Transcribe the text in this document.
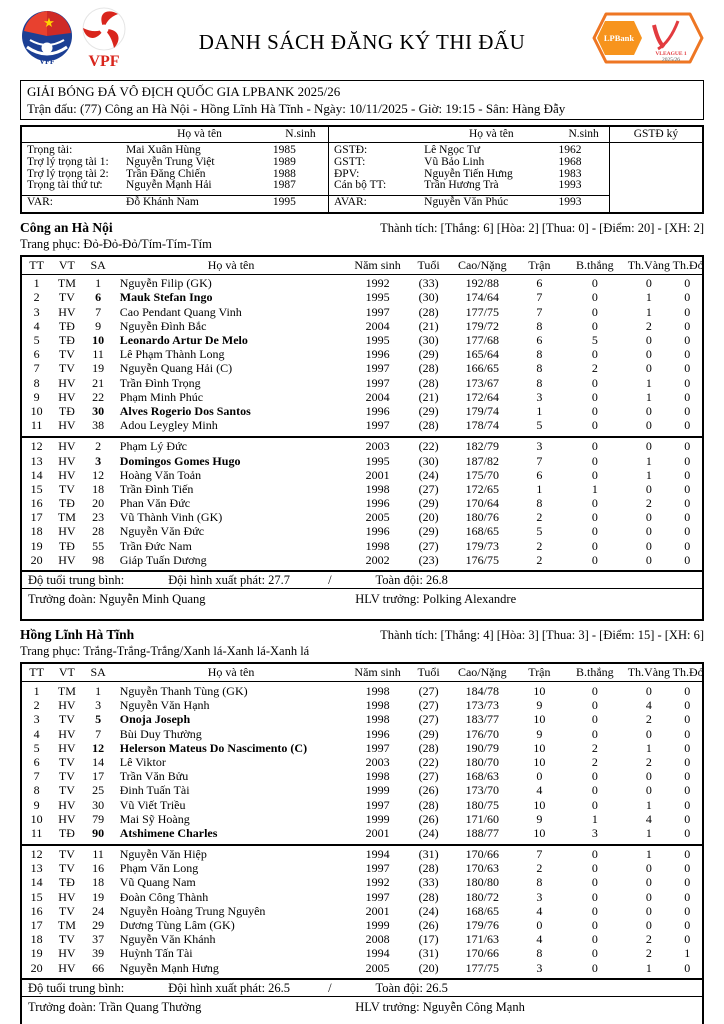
★
VFF VPF
DANH SÁCH ĐĂNG KÝ THI ĐẤU	LPBank
VLEAGUE 1
2025/26
GIẢI BÓNG ĐÁ VÔ ĐỊCH QUỐC GIA LPBANK 2025/26
Trận đấu: (77) Công an Hà Nội - Hồng Lĩnh Hà Tĩnh - Ngày: 10/11/2025 - Giờ: 19:15 - Sân: Hàng Đẫy
Họ và tên	N.sinh
Trọng tài:	Mai Xuân Hùng	1985
Trợ lý trọng tài 1:	Nguyễn Trung Việt	1989
Trợ lý trọng tài 2:	Trần Đăng Chiến	1988
Trọng tài thứ tư:	Nguyễn Mạnh Hải	1987
VAR:	Đỗ Khánh Nam	1995
Họ và tên	N.sinh
GSTĐ:	Lê Ngọc Tư	1962
GSTT:	Vũ Bảo Linh	1968
ĐPV:	Nguyễn Tiến Hưng	1983
Cán bộ TT:	Trần Hương Trà	1993
AVAR:	Nguyễn Văn Phúc	1993
GSTĐ ký
Công an Hà Nội	Thành tích: [Thắng: 6] [Hòa: 2] [Thua: 0] - [Điểm: 20] - [XH: 2]
Trang phục: Đỏ-Đỏ-Đỏ/Tím-Tím-Tím
TT	VT	SA	Họ và tên	Năm sinh	Tuổi	Cao/Nặng	Trận	B.thắng	Th.Vàng Th.Đỏ
1	TM	1	Nguyễn Filip (GK)	1992	(33)	192/88	6	0	0	0
2	TV	6	Mauk Stefan Ingo	1995	(30)	174/64	7	0	1	0
3	HV	7	Cao Pendant Quang Vinh	1997	(28)	177/75	7	0	1	0
4	TĐ	9	Nguyễn Đình Bắc	2004	(21)	179/72	8	0	2	0
5	TĐ	10	Leonardo Artur De Melo	1995	(30)	177/68	6	5	0	0
6	TV	11	Lê Phạm Thành Long	1996	(29)	165/64	8	0	0	0
7	TV	19	Nguyễn Quang Hải (C)	1997	(28)	166/65	8	2	0	0
8	HV	21	Trần Đình Trọng	1997	(28)	173/67	8	0	1	0
9	HV	22	Phạm Minh Phúc	2004	(21)	172/64	3	0	1	0
10	TĐ	30	Alves Rogerio Dos Santos	1996	(29)	179/74	1	0	0	0
11	HV	38	Adou Leygley Minh	1997	(28)	178/74	5	0	0	0
12	HV	2	Phạm Lý Đức	2003	(22)	182/79	3	0	0	0
13	HV	3	Domingos Gomes Hugo	1995	(30)	187/82	7	0	1	0
14	HV	12	Hoàng Văn Toản	2001	(24)	175/70	6	0	1	0
15	TV	18	Trần Đình Tiến	1998	(27)	172/65	1	1	0	0
16	TĐ	20	Phan Văn Đức	1996	(29)	170/64	8	0	2	0
17	TM	23	Vũ Thành Vinh (GK)	2005	(20)	180/76	2	0	0	0
18	HV	28	Nguyễn Văn Đức	1996	(29)	168/65	5	0	0	0
19	TĐ	55	Trần Đức Nam	1998	(27)	179/73	2	0	0	0
20	HV	98	Giáp Tuấn Dương	2002	(23)	176/75	2	0	0	0
Độ tuổi trung bình:	Đội hình xuất phát: 27.7	/	Toàn đội: 26.8
Trưởng đoàn: Nguyễn Minh Quang	HLV trưởng: Polking Alexandre
Hồng Lĩnh Hà Tĩnh	Thành tích: [Thắng: 4] [Hòa: 3] [Thua: 3] - [Điểm: 15] - [XH: 6]
Trang phục: Trắng-Trắng-Trắng/Xanh lá-Xanh lá-Xanh lá
TT	VT	SA	Họ và tên	Năm sinh	Tuổi	Cao/Nặng	Trận	B.thắng	Th.Vàng Th.Đỏ
1	TM	1	Nguyễn Thanh Tùng (GK)	1998	(27)	184/78	10	0	0	0
2	HV	3	Nguyễn Văn Hạnh	1998	(27)	173/73	9	0	4	0
3	TV	5	Onoja Joseph	1998	(27)	183/77	10	0	2	0
4	HV	7	Bùi Duy Thường	1996	(29)	176/70	9	0	0	0
5	HV	12	Helerson Mateus Do Nascimento (C)	1997	(28)	190/79	10	2	1	0
6	TV	14	Lê Viktor	2003	(22)	180/70	10	2	2	0
7	TV	17	Trần Văn Bửu	1998	(27)	168/63	0	0	0	0
8	TV	25	Đinh Tuấn Tài	1999	(26)	173/70	4	0	0	0
9	HV	30	Vũ Viết Triều	1997	(28)	180/75	10	0	1	0
10	HV	79	Mai Sỹ Hoàng	1999	(26)	171/60	9	1	4	0
11	TĐ	90	Atshimene Charles	2001	(24)	188/77	10	3	1	0
12	TV	11	Nguyễn Văn Hiệp	1994	(31)	170/66	7	0	1	0
13	TV	16	Phạm Văn Long	1997	(28)	170/63	2	0	0	0
14	TĐ	18	Vũ Quang Nam	1992	(33)	180/80	8	0	0	0
15	HV	19	Đoàn Công Thành	1997	(28)	180/72	3	0	0	0
16	TV	24	Nguyễn Hoàng Trung Nguyên	2001	(24)	168/65	4	0	0	0
17	TM	29	Dương Tùng Lâm (GK)	1999	(26)	179/76	0	0	0	0
18	TV	37	Nguyễn Văn Khánh	2008	(17)	171/63	4	0	2	0
19	HV	39	Huỳnh Tấn Tài	1994	(31)	170/66	8	0	2	1
20	HV	66	Nguyễn Mạnh Hưng	2005	(20)	177/75	3	0	1	0
Độ tuổi trung bình:	Đội hình xuất phát: 26.5	/	Toàn đội: 26.5
Trưởng đoàn: Trần Quang Thưởng	HLV trưởng: Nguyễn Công Mạnh
